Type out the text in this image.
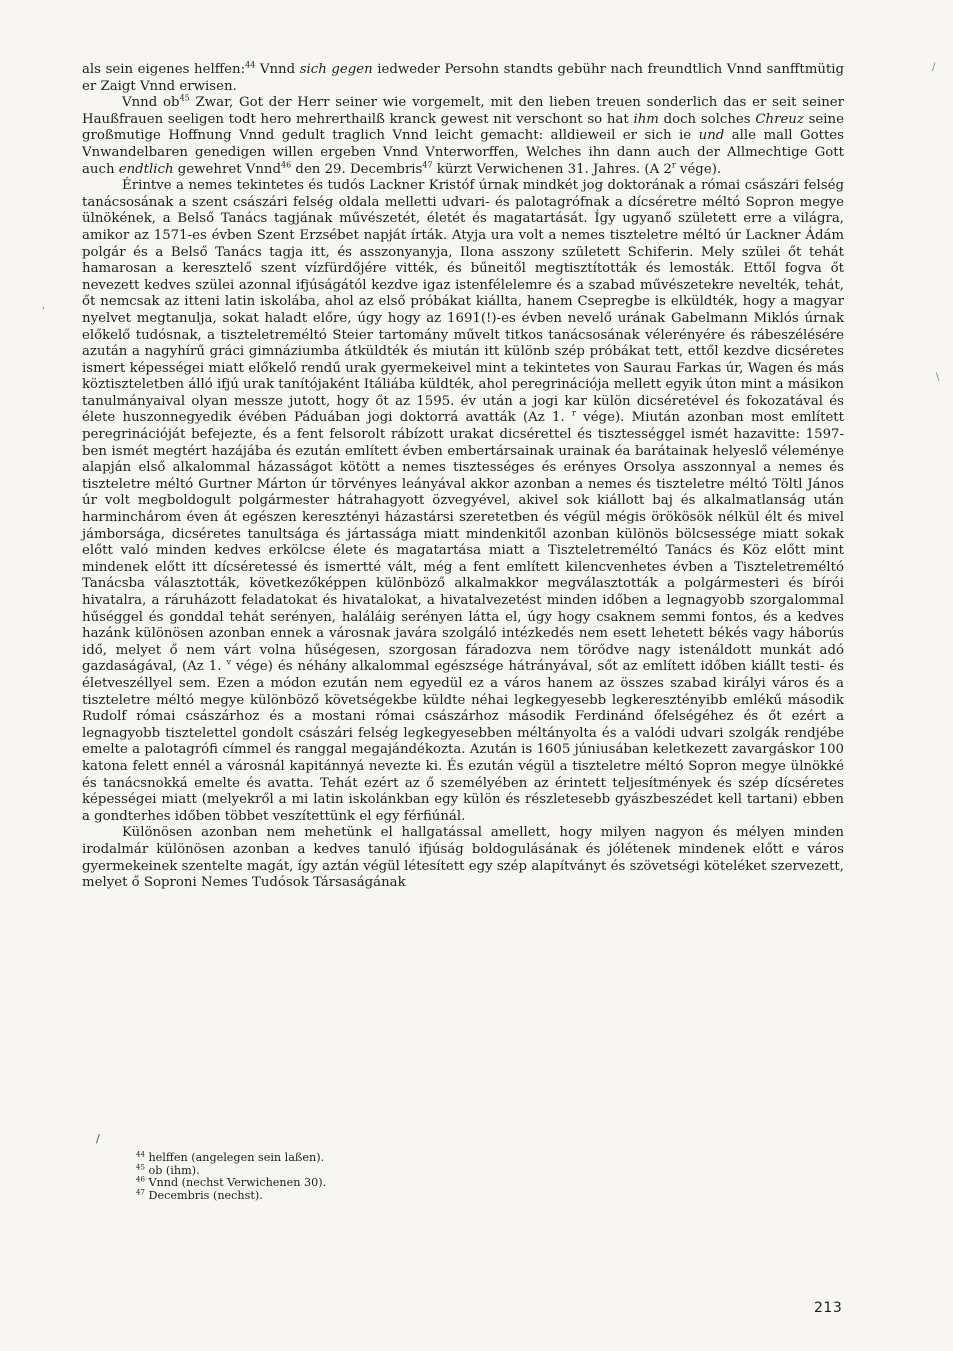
als sein eigenes helffen:$^{44}$ Vnnd sich gegen iedweder Persohn standts gebühr nach freundtlich Vnnd sanfftmütig er Zaigt Vnnd erwisen.

Vnnd $ob^{45}$ Zwar, Got der Herr seiner wie vorgemelt, mit den lieben treuen sonderlich das er seit seiner Haußfrauen seeligen todt hero mehrerthailß kranck gewest nit verschont so hat ihm doch solches Chreuz seine großmutige Hoffnung Vnnd gedult traglich Vnnd leicht gemacht: alldieweil er sich ie und alle mall Gottes Vnwandelbaren genedigen willen ergeben Vnnd Vnterworffen, Welches ihn dann auch der Allmechtige Gott auch endtlich gewehret Vnnd$^{46}$ den 29. Decembris$^{47}$ kürzt Verwichenen 31. Jahres. (A 2$^r$ vége).

Érintve a nemes tekintetes és tudós Lackner Kristóf úrnak mindkét jog doktorának a római császári felség tanácsosának a szent császári felség oldala melletti udvari- és palotagrófnak a dícséretre méltó Sopron megye ülnökének, a Belső Tanács tagjának művészetét, életét és magatartását. Így ugyanő született erre a világra, amikor az 1571-es évben Szent Erzsébet napját írták. Atyja ura volt a nemes tiszteletre méltó úr Lackner Ádám polgár és a Belső Tanács tagja itt, és asszonyanyja, Ilona asszony született Schiferin. Mely szülei őt tehát hamarosan a keresztelő szent vízfürdőjére vitték, és bűneitől megtisztították és lemosták. Ettől fogva őt nevezett kedves szülei azonnal ifjúságától kezdve igaz istenfélelemre és a szabad művészetekre nevelték, tehát, őt nemcsak az itteni latin iskolába, ahol az első próbákat kiállta, hanem Csepregbe is elküldték, hogy a magyar nyelvet megtanulja, sokat haladt előre, úgy hogy az 1691(!)-es évben nevelő urának Gabelmann Miklós úrnak előkelő tudósnak, a tiszteletreméltó Steier tartomány művelt titkos tanácsosának vélerényére és rábeszélésére azután a nagyhírű gráci gimnáziumba átküldték és miután itt különb szép próbákat tett, ettől kezdve dicséretes ismert képességei miatt előkelő rendű urak gyermekeivel mint a tekintetes von Saurau Farkas úr, Wagen és más köztiszteletben álló ifjú urak tanítójaként Itáliába küldték, ahol peregrinációja mellett egyik úton mint a másikon tanulmányaival olyan messze jutott, hogy őt az 1595. év után a jogi kar külön dicséretével és fokozatával és élete huszonnegyedik évében Páduában jogi doktorrá avatták (Az 1. $^r$ vége). Miután azonban most említett peregrinációját befejezte, és a fent felsorolt rábízott urakat dicsérettel és tisztességgel ismét hazavitte: 1597-ben ismét megtért hazájába és ezután említett évben embertársainak urainak éa barátainak helyeslő véleménye alapján első alkalommal házasságot kötött a nemes tisztességes és erényes Orsolya asszonnyal a nemes és tiszteletre méltó Gurtner Márton úr törvényes leányával akkor azonban a nemes és tiszteletre méltó Töltl János úr volt megboldogult polgármester hátrahagyott özvegyével, akivel sok kiállott baj és alkalmatlanság után harminchárom éven át egészen keresztényi házastársi szeretetben és végül mégis örökösök nélkül élt és mivel jámborsága, dicséretes tanultsága és jártassága miatt mindenkitől azonban különös bölcsessége miatt sokak előtt való minden kedves erkölcse élete és magatartása miatt a Tiszteletreméltó Tanács és Köz előtt mint mindenek előtt itt dícséretessé és ismertté vált, még a fent említett kilencvenhetes évben a Tiszteletreméltó Tanácsba választották, következőképpen különböző alkalmakkor megválasztották a polgármesteri és bírói hivatalra, a ráruházott feladatokat és hivatalokat, a hivatalvezetést minden időben a legnagyobb szorgalommal hűséggel és gonddal tehát serényen, haláláig serényen látta el, úgy hogy csaknem semmi fontos, és a kedves hazánk különösen azonban ennek a városnak javára szolgáló intézkedés nem esett lehetett békés vagy háborús idő, melyet ő nem várt volna hűségesen, szorgosan fáradozva nem törődve nagy istenáldott munkát adó gazdaságával, (Az 1. $^v$ vége) és néhány alkalommal egészsége hátrányával, sőt az említett időben kiállt testi- és életveszéllyel sem. Ezen a módon ezután nem egyedül ez a város hanem az összes szabad királyi város és a tiszteletre méltó megye különböző követségekbe küldte néhai legkegyesebb legkeresztényibb emlékű második Rudolf római császárhoz és a mostani római császárhoz második Ferdinánd őfelségéhez és őt ezért a legnagyobb tisztelettel gondolt császári felség legkegyesebben méltányolta és a valódi udvari szolgák rendjébe emelte a palotagrófi címmel és ranggal megajándékozta. Azután is 1605 júniusában keletkezett zavargáskor 100 katona felett ennél a városnál kapitánnyá nevezte ki. És ezután végül a tiszteletre méltó Sopron megye ülnökké és tanácsnokká emelte és avatta. Tehát ezért az ő személyében az érintett teljesítmények és szép dícséretes képességei miatt (melyekről a mi latin iskolánkban egy külön és részletesebb gyászbeszédet kell tartani) ebben a gondterhes időben többet veszítettünk el egy férfiúnál.

Különösen azonban nem mehetünk el hallgatással amellett, hogy milyen nagyon és mélyen minden irodalmár különösen azonban a kedves tanuló ifjúság boldogulásának és jólétenek mindenek előtt e város gyermekeinek szentelte magát, így aztán végül létesített egy szép alapítványt és szövetségi köteléket szervezett, melyet ő Soproni Nemes Tudósok Társaságának

/

$^{44}$ helffen (angelegen sein laßen).

$^{45}$ ob (ihm).

$^{46}$ Vnnd (nechst Verwichenen 30).

$^{47}$ Decembris (nechst).

213
/
\
,
